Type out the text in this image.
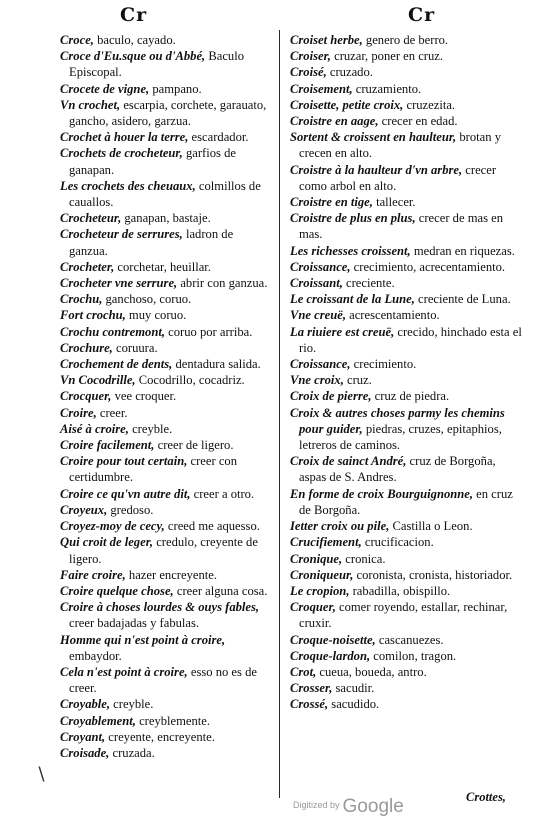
Cr	Cr

Croce, baculo, cayado.

Croce d'Eu.sque ou d'Abbé, Baculo Episcopal.

Crocete de vigne, pampano.

Vn crochet, escarpia, corchete, garauato, gancho, asidero, garzua.

Crochet à houer la terre, escardador.

Crochets de crocheteur, garfios de ganapan.

Les crochets des cheuaux, colmillos de cauallos.

Crocheteur, ganapan, bastaje.

Crocheteur de serrures, ladron de ganzua.

Crocheter, corchetar, heuillar.

Crocheter vne serrure, abrir con ganzua.

Crochu, ganchoso, coruo.

Fort crochu, muy coruo.

Crochu contremont, coruo por arriba.

Crochure, coruura.

Crochement de dents, dentadura salida.

Vn Cocodrille, Cocodrillo, cocadriz.

Crocquer, vee croquer.

Croire, creer.

Aisé à croire, creyble.

Croire facilement, creer de ligero.

Croire pour tout certain, creer con certidumbre.

Croire ce qu'vn autre dit, creer a otro.

Croyeux, gredoso.

Croyez-moy de cecy, creed me aquesso.

Qui croit de leger, credulo, creyente de ligero.

Faire croire, hazer encreyente.

Croire quelque chose, creer alguna cosa.

Croire à choses lourdes & ouys fables, creer badajadas y fabulas.

Homme qui n'est point à croire, embaydor.

Cela n'est point à croire, esso no es de creer.

Croyable, creyble.

Croyablement, creyblemente.

Croyant, creyente, encreyente.

Croisade, cruzada.

Croiset herbe, genero de berro.

Croiser, cruzar, poner en cruz.

Croisé, cruzado.

Croisement, cruzamiento.

Croisette, petite croix, cruzezita.

Croistre en aage, crecer en edad.

Sortent & croissent en haulteur, brotan y crecen en alto.

Croistre à la haulteur d'vn arbre, crecer como arbol en alto.

Croistre en tige, tallecer.

Croistre de plus en plus, crecer de mas en mas.

Les richesses croissent, medran en riquezas.

Croissance, crecimiento, acrecentamiento.

Croissant, creciente.

Le croissant de la Lune, creciente de Luna.

Vne creuë, acrescentamiento.

La riuiere est creuë, crecido, hinchado esta el rio.

Croissance, crecimiento.

Vne croix, cruz.

Croix de pierre, cruz de piedra.

Croix & autres choses parmy les chemins pour guider, piedras, cruzes, epitaphios, letreros de caminos.

Croix de sainct André, cruz de Borgoña, aspas de S. Andres.

En forme de croix Bourguignonne, en cruz de Borgoña.

Ietter croix ou pile, Castilla o Leon.

Crucifiement, crucificacion.

Cronique, cronica.

Croniqueur, coronista, cronista, historiador.

Le cropion, rabadilla, obispillo.

Croquer, comer royendo, estallar, rechinar, cruxir.

Croque-noisette, cascanuezes.

Croque-lardon, comilon, tragon.

Crot, cueua, boueda, antro.

Crosser, sacudir.

Crossé, sacudido.

∖
Crottes,
$^{Digitized by}$ Google
